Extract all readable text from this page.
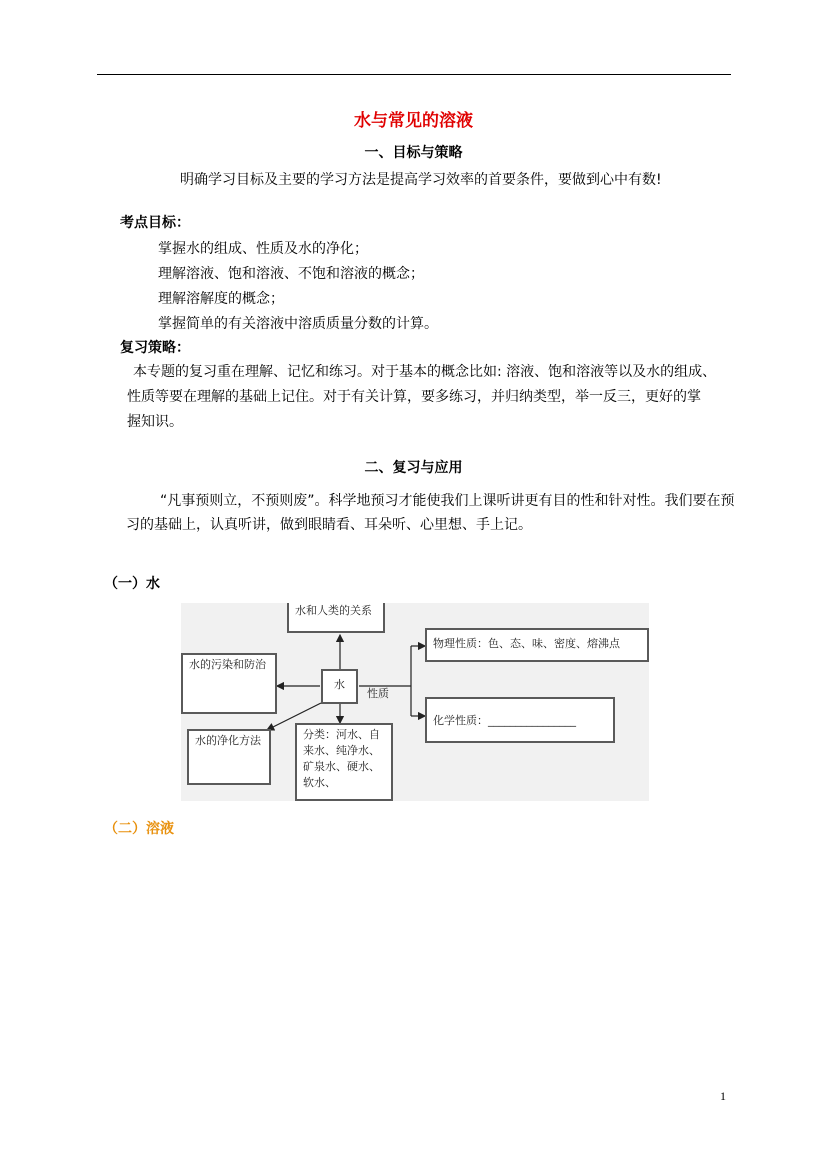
水与常见的溶液
一、目标与策略
明确学习目标及主要的学习方法是提高学习效率的首要条件，要做到心中有数!
考点目标：
掌握水的组成、性质及水的净化；
理解溶液、饱和溶液、不饱和溶液的概念；
理解溶解度的概念；
掌握简单的有关溶液中溶质质量分数的计算。
复习策略：
本专题的复习重在理解、记忆和练习。对于基本的概念比如: 溶液、饱和溶液等以及水的组成、
性质等要在理解的基础上记住。对于有关计算，要多练习，并归纳类型，举一反三，更好的掌
握知识。
二、复习与应用
“凡事预则立，不预则废”。科学地预习才能使我们上课听讲更有目的性和针对性。我们要在预
习的基础上，认真听讲，做到眼睛看、耳朵听、心里想、手上记。
（一）水
水和人类的关系
水的污染和防治
水
性质
水的净化方法	分类：河水、自来水、纯净水、矿泉水、硬水、软水、
物理性质：色、态、味、密度、熔沸点
化学性质：________________
（二）溶液
1
